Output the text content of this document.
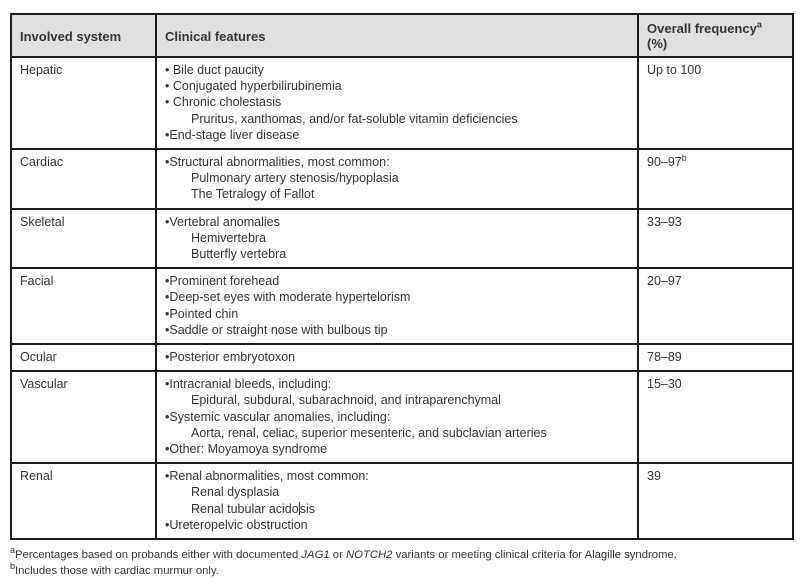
Involved system	Clinical features	Overall frequency$^a$ (%)
Hepatic	• Bile duct paucity
• Conjugated hyperbilirubinemia
• Chronic cholestasis
Pruritus, xanthomas, and/or fat-soluble vitamin deficiencies
•End-stage liver disease	Up to 100
Cardiac	•Structural abnormalities, most common:
Pulmonary artery stenosis/hypoplasia
The Tetralogy of Fallot	90–97$^b$
Skeletal	•Vertebral anomalies
Hemivertebra
Butterfly vertebra	33–93
Facial	•Prominent forehead
•Deep-set eyes with moderate hypertelorism
•Pointed chin
•Saddle or straight nose with bulbous tip	20–97
Ocular	•Posterior embryotoxon	78–89
Vascular	•Intracranial bleeds, including:
Epidural, subdural, subarachnoid, and intraparenchymal
•Systemic vascular anomalies, including:
Aorta, renal, celiac, superior mesenteric, and subclavian arteries
•Other: Moyamoya syndrome	15–30
Renal	•Renal abnormalities, most common:
Renal dysplasia
Renal tubular acidosis
•Ureteropelvic obstruction	39
$^a$Percentages based on probands either with documented JAG1 or NOTCH2 variants or meeting clinical criteria for Alagille syndrome.
$^b$Includes those with cardiac murmur only.
